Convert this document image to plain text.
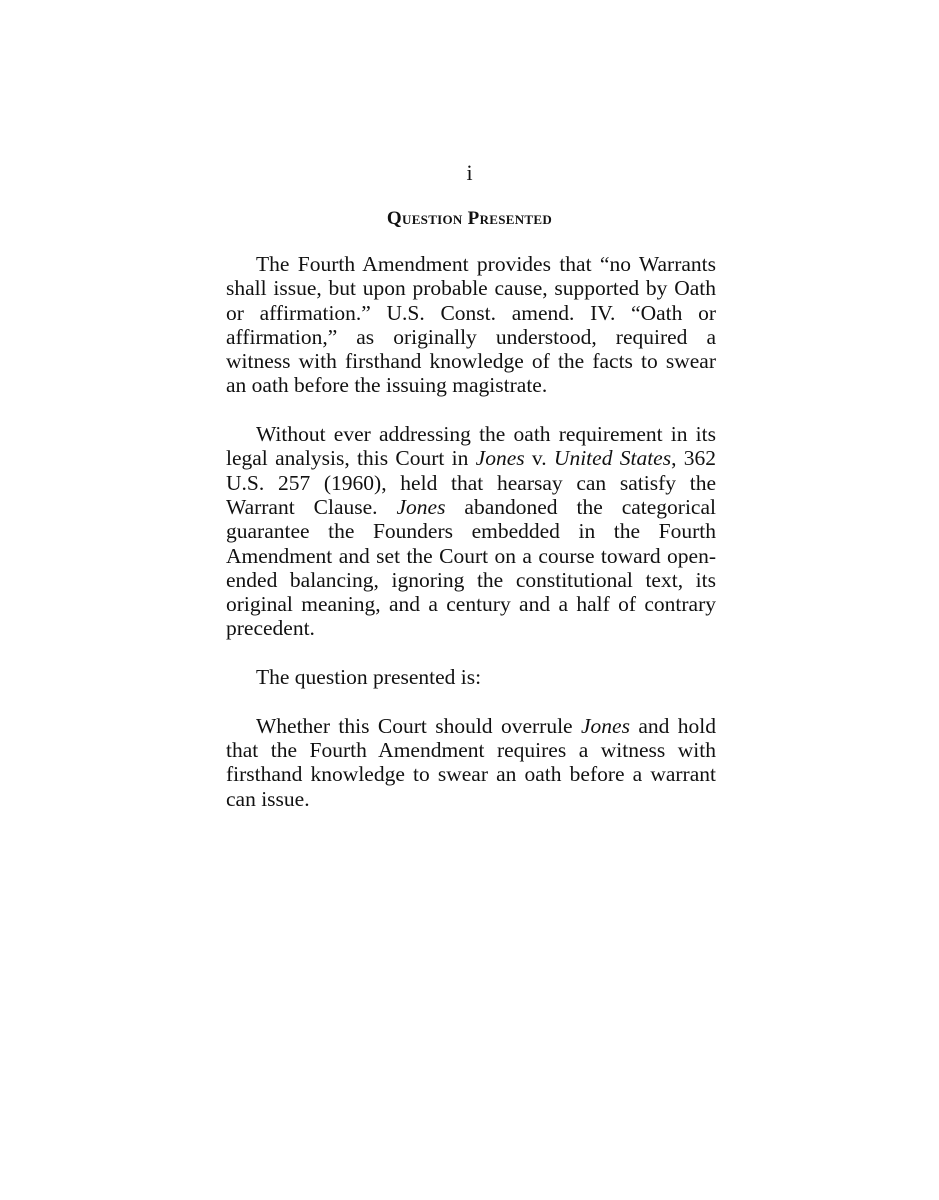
i
Question Presented

The Fourth Amendment provides that “no Warrants shall issue, but upon probable cause, supported by Oath or affirmation.” U.S. Const. amend. IV. “Oath or affirmation,” as originally understood, required a witness with firsthand knowledge of the facts to swear an oath before the issuing magistrate.

Without ever addressing the oath requirement in its legal analysis, this Court in Jones v. United States, 362 U.S. 257 (1960), held that hearsay can satisfy the Warrant Clause. Jones abandoned the categorical guarantee the Founders embedded in the Fourth Amendment and set the Court on a course toward open-ended balancing, ignoring the constitutional text, its original meaning, and a century and a half of contrary precedent.

The question presented is:

Whether this Court should overrule Jones and hold that the Fourth Amendment requires a witness with firsthand knowledge to swear an oath before a warrant can issue.
